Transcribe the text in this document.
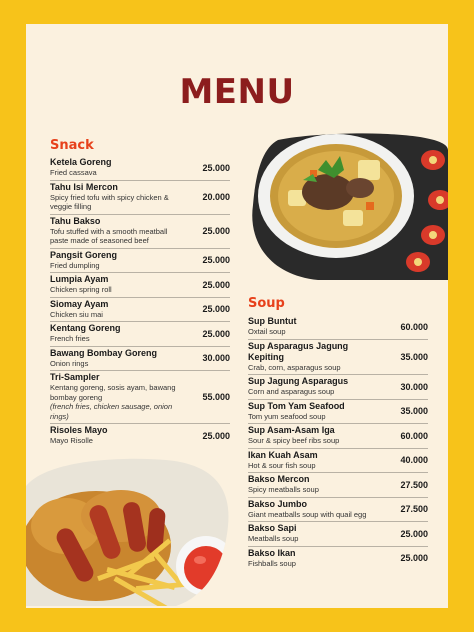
MENU
Snack
Ketela Goreng
Fried cassava	25.000
Tahu Isi Mercon
Spicy fried tofu with spicy chicken & veggie filling
20.000
Tahu Bakso
Tofu stuffed with a smooth meatball paste made of seasoned beef
25.000
Pangsit Goreng
Fried dumpling	25.000
Lumpia Ayam
Chicken spring roll	25.000
Siomay Ayam
Chicken siu mai	25.000
Kentang Goreng
French fries	25.000
Bawang Bombay Goreng
Onion rings	30.000
Tri-Sampler
Kentang goreng, sosis ayam, bawang bombay goreng
(french fries, chicken sausage, onion rings)
55.000
Risoles Mayo
Mayo Risolle	25.000
Soup
Sup Buntut
Oxtail soup	60.000
Sup Asparagus Jagung Kepiting
Crab, corn, asparagus soup
35.000
Sup Jagung Asparagus
Corn and asparagus soup	30.000
Sup Tom Yam Seafood
Tom yum seafood soup	35.000
Sup Asam-Asam Iga
Sour & spicy beef ribs soup	60.000
Ikan Kuah Asam
Hot & sour fish soup	40.000
Bakso Mercon
Spicy meatballs soup	27.500
Bakso Jumbo
Giant meatballs soup with quail egg	27.500
Bakso Sapi
Meatballs soup	25.000
Bakso Ikan
Fishballs soup	25.000
